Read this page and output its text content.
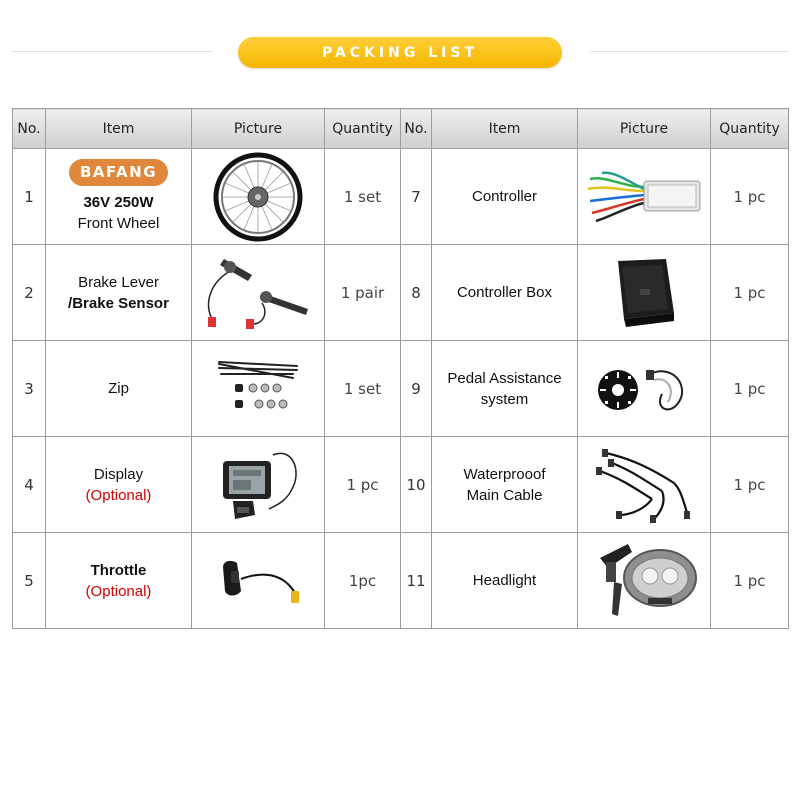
PACKING LIST
No.	Item	Picture	Quantity	No.	Item	Picture	Quantity
1	BAFANG
36V 250W
Front Wheel		1 set	7	Controller		1 pc
2	Brake Lever
/Brake Sensor		1 pair	8	Controller Box		1 pc
3	Zip		1 set	9	Pedal Assistance
system		1 pc
4	Display
(Optional)		1 pc	10	Waterprooof
Main Cable		1 pc
5	Throttle
(Optional)		1pc	11	Headlight		1 pc
